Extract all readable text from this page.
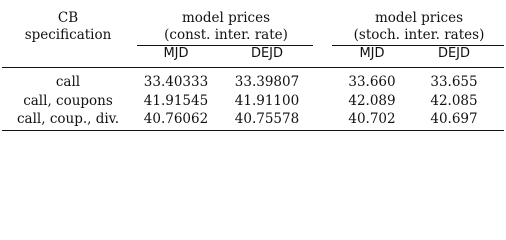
CB
specification
model prices
(const. inter. rate)
MJD	DEJD
model prices
(stoch. inter. rates)
MJD	DEJD
call	33.40333 33.39807	33.660	33.655
call, coupons 41.91545 41.91100	42.089	42.085
call, coup., div. 40.76062 40.75578	40.702	40.697
